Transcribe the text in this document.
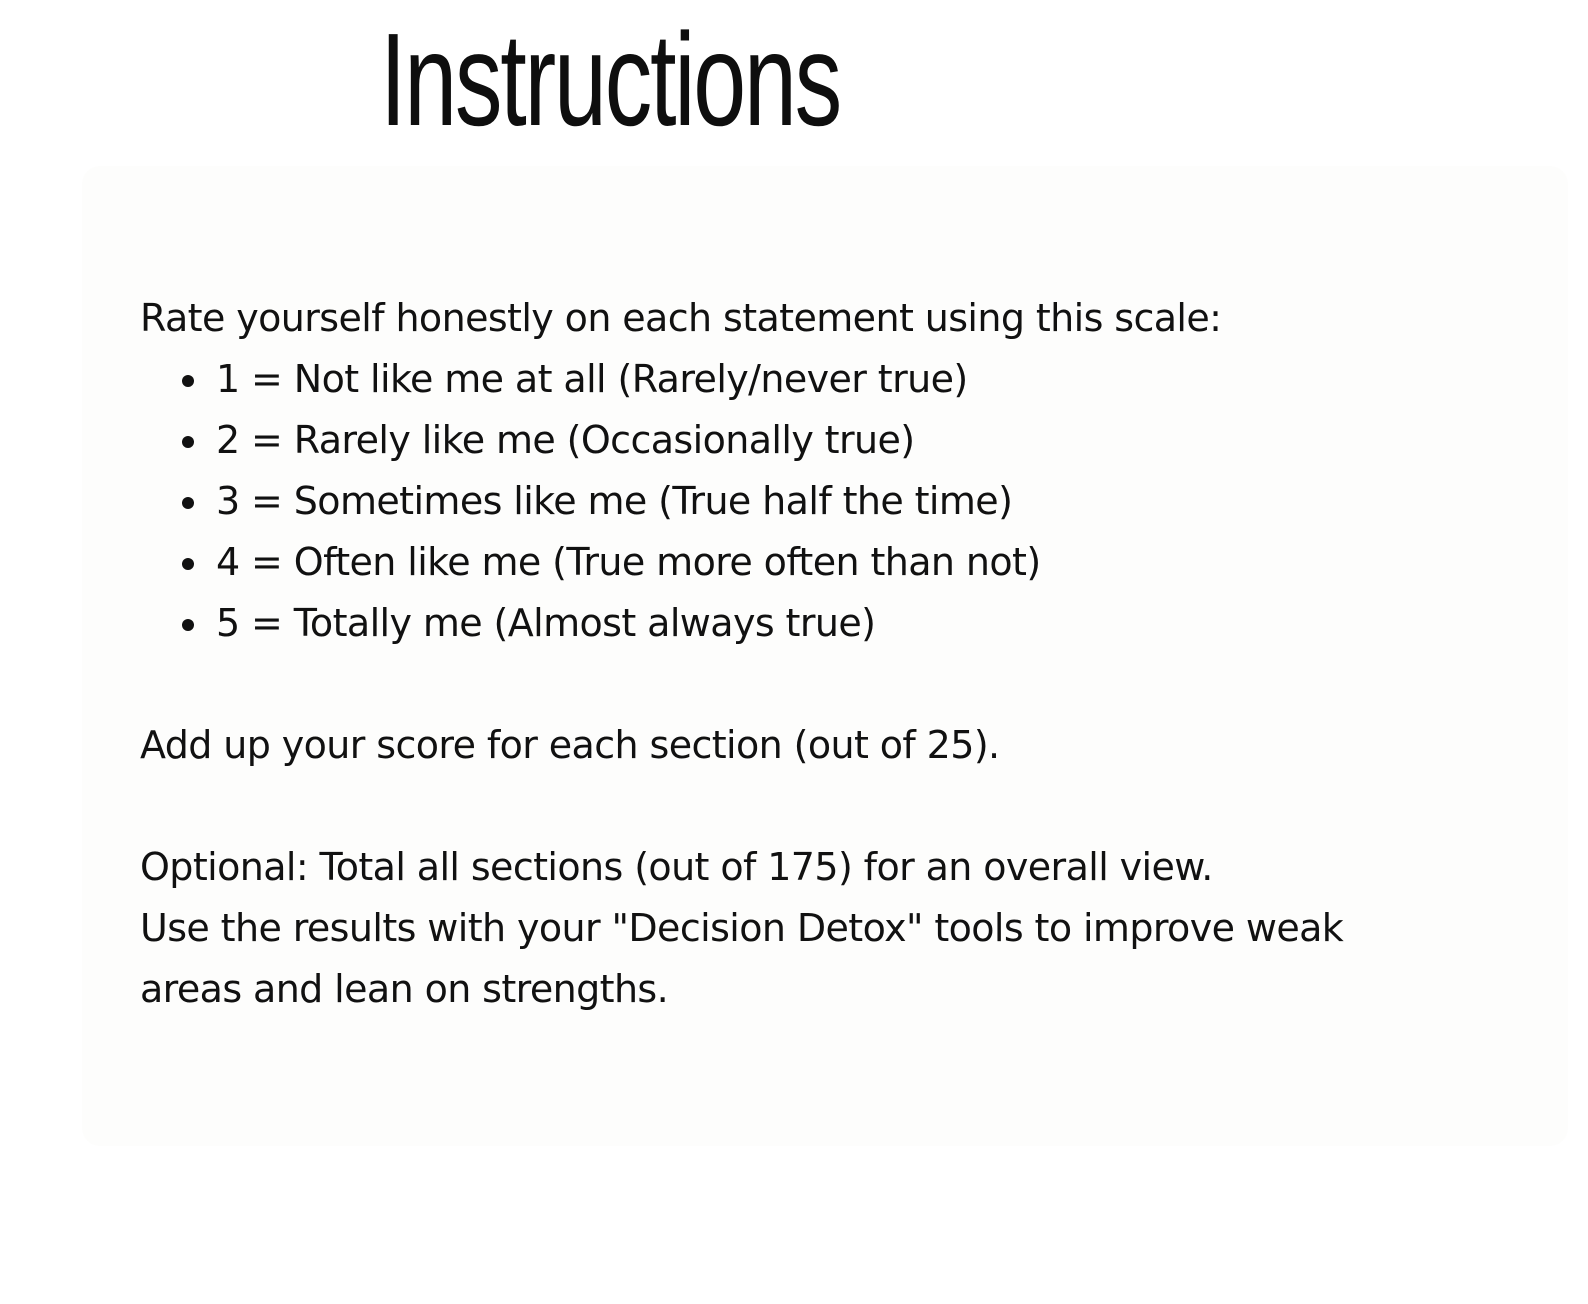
Instructions

Rate yourself honestly on each statement using this scale:

1 = Not like me at all (Rarely/never true)
2 = Rarely like me (Occasionally true)
3 = Sometimes like me (True half the time)
4 = Often like me (True more often than not)
5 = Totally me (Almost always true)

Add up your score for each section (out of 25).

Optional: Total all sections (out of 175) for an overall view.

Use the results with your "Decision Detox" tools to improve weak areas and lean on strengths.
